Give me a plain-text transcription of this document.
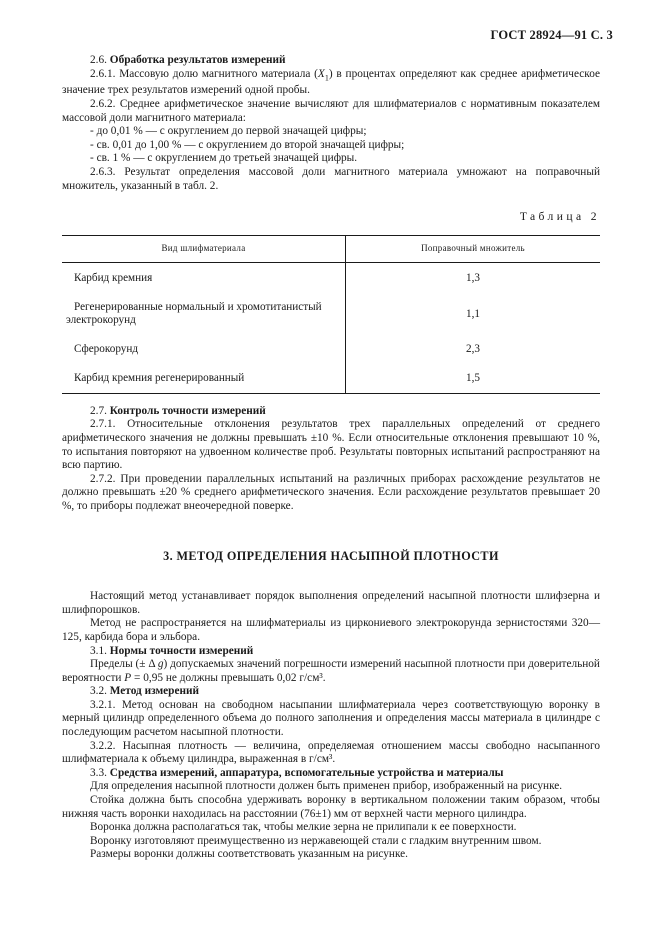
ГОСТ 28924—91 С. 3

2.6. Обработка результатов измерений

2.6.1. Массовую долю магнитного материала $(X_1)$ в процентах определяют как среднее арифметическое значение трех результатов измерений одной пробы.

2.6.2. Среднее арифметическое значение вычисляют для шлифматериалов с нормативным показателем массовой доли магнитного материала:

- до 0,01 % — с округлением до первой значащей цифры;

- св. 0,01 до 1,00 % — с округлением до второй значащей цифры;

- св. 1 % — с округлением до третьей значащей цифры.

2.6.3. Результат определения массовой доли магнитного материала умножают на поправочный множитель, указанный в табл. 2.

Таблица 2
Вид шлифматериала	Поправочный множитель
Карбид кремния	1,3
Регенерированные нормальный и хромотитанистый электрокорунд	1,1
Сферокорунд	2,3
Карбид кремния регенерированный	1,5

2.7. Контроль точности измерений

2.7.1. Относительные отклонения результатов трех параллельных определений от среднего арифметического значения не должны превышать ±10 %. Если относительные отклонения превышают 10 %, то испытания повторяют на удвоенном количестве проб. Результаты повторных испытаний распространяют на всю партию.

2.7.2. При проведении параллельных испытаний на различных приборах расхождение результатов не должно превышать ±20 % среднего арифметического значения. Если расхождение результатов превышает 20 %, то приборы подлежат внеочередной поверке.

3. МЕТОД ОПРЕДЕЛЕНИЯ НАСЫПНОЙ ПЛОТНОСТИ

Настоящий метод устанавливает порядок выполнения определений насыпной плотности шлифзерна и шлифпорошков.

Метод не распространяется на шлифматериалы из циркониевого электрокорунда зернистостями 320—125, карбида бора и эльбора.

3.1. Нормы точности измерений

Пределы (± Δ g) допускаемых значений погрешности измерений насыпной плотности при доверительной вероятности P = 0,95 не должны превышать 0,02 г/см³.

3.2. Метод измерений

3.2.1. Метод основан на свободном насыпании шлифматериала через соответствующую воронку в мерный цилиндр определенного объема до полного заполнения и определения массы материала в цилиндре с последующим расчетом насыпной плотности.

3.2.2. Насыпная плотность — величина, определяемая отношением массы свободно насыпанного шлифматериала к объему цилиндра, выраженная в г/см³.

3.3. Средства измерений, аппаратура, вспомогательные устройства и материалы

Для определения насыпной плотности должен быть применен прибор, изображенный на рисунке.

Стойка должна быть способна удерживать воронку в вертикальном положении таким образом, чтобы нижняя часть воронки находилась на расстоянии (76±1) мм от верхней части мерного цилиндра.

Воронка должна располагаться так, чтобы мелкие зерна не прилипали к ее поверхности.

Воронку изготовляют преимущественно из нержавеющей стали с гладким внутренним швом.

Размеры воронки должны соответствовать указанным на рисунке.
